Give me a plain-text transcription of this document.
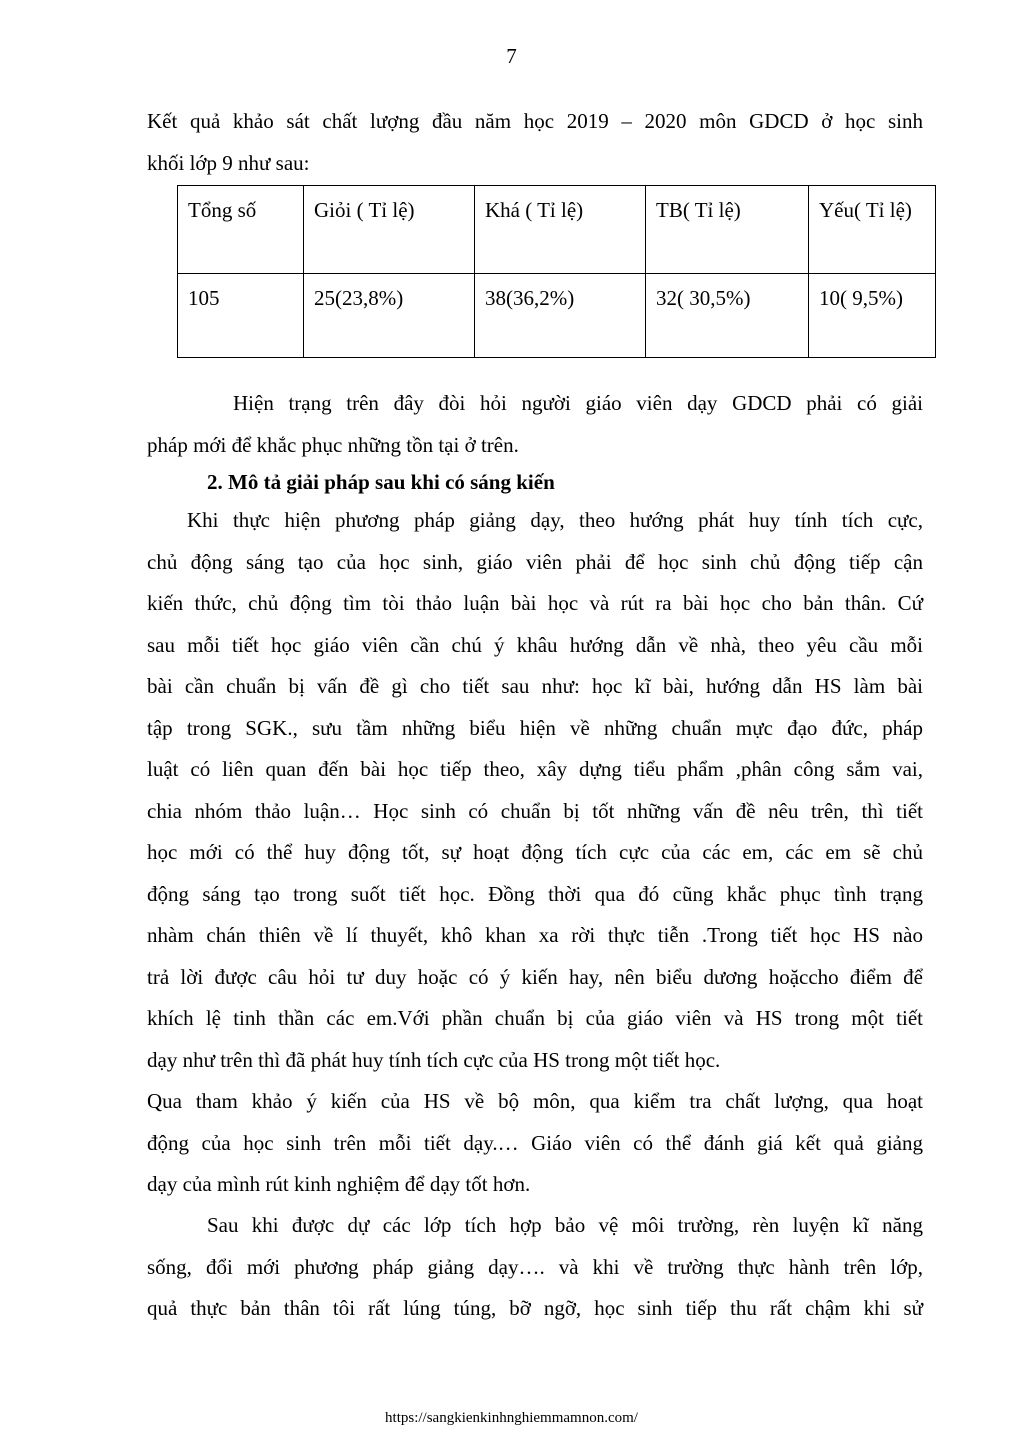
7
Kết quả khảo sát chất lượng đầu năm học 2019 – 2020 môn GDCD ở học sinh
khối lớp 9 như sau:
Tổng số	Giỏi ( Tỉ lệ)	Khá ( Tỉ lệ)	TB( Tỉ lệ)	Yếu( Tỉ lệ)
105	25(23,8%)	38(36,2%)	32( 30,5%)	10( 9,5%)
Hiện trạng trên đây đòi hỏi người giáo viên dạy GDCD phải có giải
pháp mới để khắc phục những tồn tại ở trên.
2. Mô tả giải pháp sau khi có sáng kiến
Khi thực hiện phương pháp giảng dạy, theo hướng phát huy tính tích cực,
chủ động sáng tạo của học sinh, giáo viên phải để học sinh chủ động tiếp cận
kiến thức, chủ động tìm tòi thảo luận bài học và rút ra bài học cho bản thân. Cứ
sau mỗi tiết học giáo viên cần chú ý khâu hướng dẫn về nhà, theo yêu cầu mỗi
bài cần chuẩn bị vấn đề gì cho tiết sau như: học kĩ bài, hướng dẫn HS làm bài
tập trong SGK., sưu tầm những biểu hiện về những chuẩn mực đạo đức, pháp
luật có liên quan đến bài học tiếp theo, xây dựng tiểu phẩm ,phân công sắm vai,
chia nhóm thảo luận… Học sinh có chuẩn bị tốt những vấn đề nêu trên, thì tiết
học mới có thể huy động tốt, sự hoạt động tích cực của các em, các em sẽ chủ
động sáng tạo trong suốt tiết học. Đồng thời qua đó cũng khắc phục tình trạng
nhàm chán thiên về lí thuyết, khô khan xa rời thực tiễn .Trong tiết học HS nào
trả lời được câu hỏi tư duy hoặc có ý kiến hay, nên biểu dương hoặccho điểm để
khích lệ tinh thần các em.Với phần chuẩn bị của giáo viên và HS trong một tiết
dạy như trên thì đã phát huy tính tích cực của HS trong một tiết học.
Qua tham khảo ý kiến của HS về bộ môn, qua kiểm tra chất lượng, qua hoạt
động của học sinh trên mỗi tiết dạy.… Giáo viên có thể đánh giá kết quả giảng
dạy của mình rút kinh nghiệm để dạy tốt hơn.
Sau khi được dự các lớp tích hợp bảo vệ môi trường, rèn luyện kĩ năng
sống, đổi mới phương pháp giảng dạy…. và khi về trường thực hành trên lớp,
quả thực bản thân tôi rất lúng túng, bỡ ngỡ, học sinh tiếp thu rất chậm khi sử
https://sangkienkinhnghiemmamnon.com/
